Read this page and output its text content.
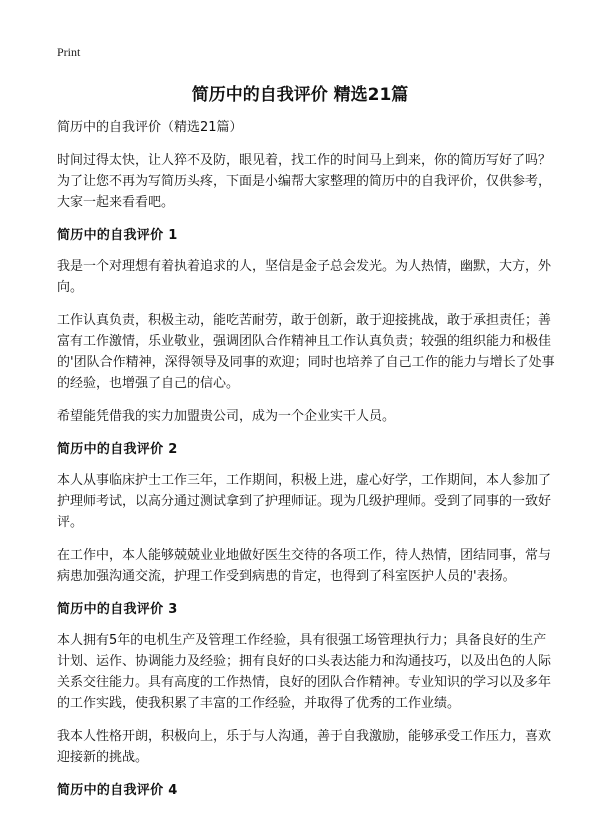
Print
简历中的自我评价 精选21篇

简历中的自我评价（精选21篇）

时间过得太快，让人猝不及防，眼见着，找工作的时间马上到来，你的简历写好了吗？为了让您不再为写简历头疼，下面是小编帮大家整理的简历中的自我评价，仅供参考，大家一起来看看吧。

简历中的自我评价 1

我是一个对理想有着执着追求的人，坚信是金子总会发光。为人热情，幽默，大方，外向。

工作认真负责，积极主动，能吃苦耐劳，敢于创新，敢于迎接挑战，敢于承担责任；善富有工作激情，乐业敬业，强调团队合作精神且工作认真负责；较强的组织能力和极佳的'团队合作精神，深得领导及同事的欢迎；同时也培养了自己工作的能力与增长了处事的经验，也增强了自己的信心。

希望能凭借我的实力加盟贵公司，成为一个企业实干人员。

简历中的自我评价 2

本人从事临床护士工作三年，工作期间，积极上进，虚心好学，工作期间，本人参加了护理师考试，以高分通过测试拿到了护理师证。现为几级护理师。受到了同事的一致好评。

在工作中，本人能够兢兢业业地做好医生交待的各项工作，待人热情，团结同事，常与病患加强沟通交流，护理工作受到病患的肯定，也得到了科室医护人员的'表扬。

简历中的自我评价 3

本人拥有5年的电机生产及管理工作经验，具有很强工场管理执行力；具备良好的生产计划、运作、协调能力及经验；拥有良好的口头表达能力和沟通技巧，以及出色的人际关系交往能力。具有高度的工作热情，良好的团队合作精神。专业知识的学习以及多年的工作实践，使我积累了丰富的工作经验，并取得了优秀的工作业绩。

我本人性格开朗，积极向上，乐于与人沟通，善于自我激励，能够承受工作压力，喜欢迎接新的挑战。

简历中的自我评价 4
